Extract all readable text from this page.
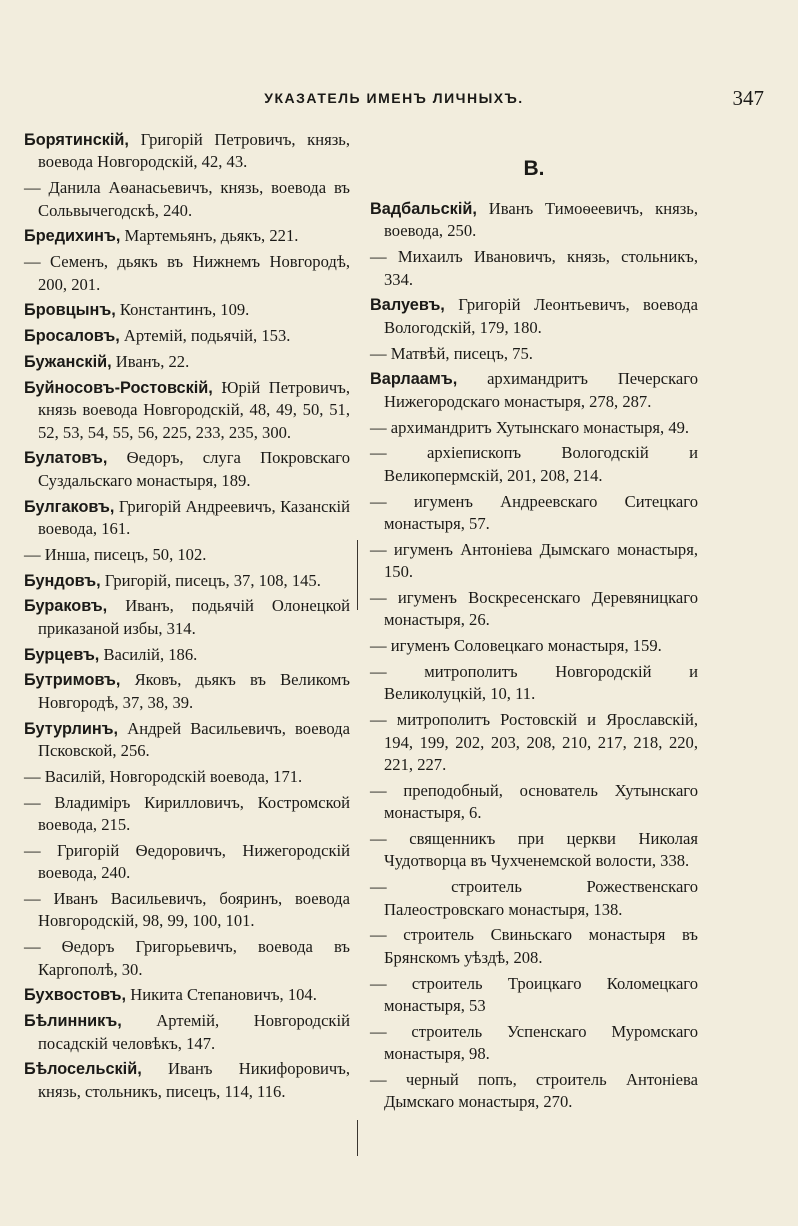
УКАЗАТЕЛЬ ИМЕНЪ ЛИЧНЫХЪ.	347

Борятинскій, Григорій Петровичъ, князь, воевода Новгородскій, 42, 43.

— Данила Аѳанасьевичъ, князь, воевода въ Сольвычегодскѣ, 240.

Бредихинъ, Мартемьянъ, дьякъ, 221.

— Семенъ, дьякъ въ Нижнемъ Новгородѣ, 200, 201.

Бровцынъ, Константинъ, 109.

Бросаловъ, Артемій, подьячій, 153.

Бужанскій, Иванъ, 22.

Буйносовъ-Ростовскій, Юрій Петровичъ, князь воевода Новгородскій, 48, 49, 50, 51, 52, 53, 54, 55, 56, 225, 233, 235, 300.

Булатовъ, Ѳедоръ, слуга Покровскаго Суздальскаго монастыря, 189.

Булгаковъ, Григорій Андреевичъ, Казанскій воевода, 161.

— Инша, писецъ, 50, 102.

Бундовъ, Григорій, писецъ, 37, 108, 145.

Бураковъ, Иванъ, подьячій Олонецкой приказаной избы, 314.

Бурцевъ, Василій, 186.

Бутримовъ, Яковъ, дьякъ въ Великомъ Новгородѣ, 37, 38, 39.

Бутурлинъ, Андрей Васильевичъ, воевода Псковской, 256.

— Василій, Новгородскій воевода, 171.

— Владиміръ Кирилловичъ, Костромской воевода, 215.

— Григорій Ѳедоровичъ, Нижегородскій воевода, 240.

— Иванъ Васильевичъ, бояринъ, воевода Новгородскій, 98, 99, 100, 101.

— Ѳедоръ Григорьевичъ, воевода въ Каргополѣ, 30.

Бухвостовъ, Никита Степановичъ, 104.

Бѣлинникъ, Артемій, Новгородскій посадскій человѣкъ, 147.

Бѣлосельскій, Иванъ Никифоровичъ, князь, стольникъ, писецъ, 114, 116.

В.

Вадбальскій, Иванъ Тимоѳеевичъ, князь, воевода, 250.

— Михаилъ Ивановичъ, князь, стольникъ, 334.

Валуевъ, Григорій Леонтьевичъ, воевода Вологодскій, 179, 180.

— Матвѣй, писецъ, 75.

Варлаамъ, архимандритъ Печерскаго Нижегородскаго монастыря, 278, 287.

— архимандритъ Хутынскаго монастыря, 49.

— архіепископъ Вологодскій и Великопермскій, 201, 208, 214.

— игуменъ Андреевскаго Ситецкаго монастыря, 57.

— игуменъ Антоніева Дымскаго монастыря, 150.

— игуменъ Воскресенскаго Деревяницкаго монастыря, 26.

— игуменъ Соловецкаго монастыря, 159.

— митрополитъ Новгородскій и Великолуцкій, 10, 11.

— митрополитъ Ростовскій и Ярославскій, 194, 199, 202, 203, 208, 210, 217, 218, 220, 221, 227.

— преподобный, основатель Хутынскаго монастыря, 6.

— священникъ при церкви Николая Чудотворца въ Чухченемской волости, 338.

— строитель Рожественскаго Палеостровскаго монастыря, 138.

— строитель Свиньскаго монастыря въ Брянскомъ уѣздѣ, 208.

— строитель Троицкаго Коломецкаго монастыря, 53

— строитель Успенскаго Муромскаго монастыря, 98.

— черный попъ, строитель Антоніева Дымскаго монастыря, 270.
